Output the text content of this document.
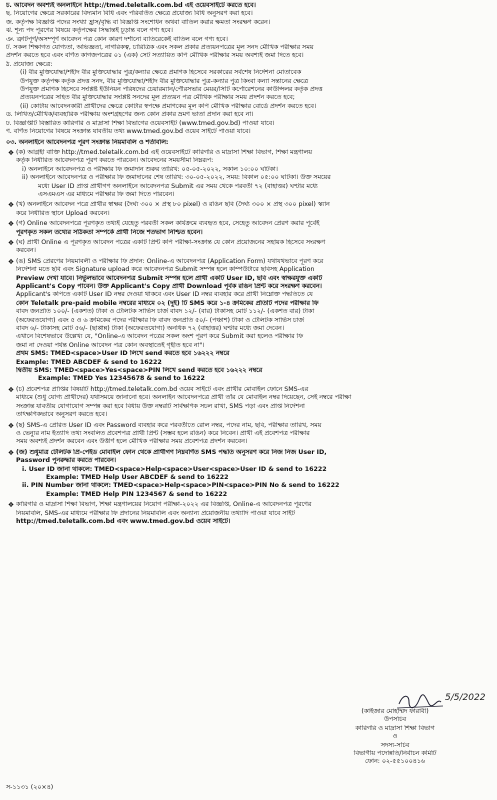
চ. আবেদন অবশ্যই অনলাইনে http://tmed.teletalk.com.bd এই ওয়েবসাইটে করতে হবে।
ছ. নিয়োগের ক্ষেত্রে সরকারের বিদ্যমান বিধি এবং পরিবর্তিত ক্ষেত্রে প্রযোজ্য বিধি অনুসরণ করা হবে।
জ. কর্তৃপক্ষ বিজ্ঞপ্তি পদের সংখ্যা হ্রাস/বৃদ্ধি বা বিজ্ঞপ্তি সংশোধন অথবা বাতিল করার ক্ষমতা সংরক্ষণ করেন।
ঝ. শূন্য পদ পূরণের বিষয়ে কর্তৃপক্ষের সিদ্ধান্তই চূড়ান্ত বলে গণ্য হবে।
ঞ. ত্রুটিপূর্ণ/অসম্পূর্ণ আবেদন পত্র কোন কারণ দর্শানো ব্যতিরেকেই বাতিল বলে গণ্য হবে।
ট. সকল শিক্ষাগত যোগ্যতা, অভিজ্ঞতা, নাগরিকত্ব, চারিত্রিক এবং সকল প্রকার প্রত্যয়নপত্রের মূল সনদ মৌখিক পরীক্ষার সময়
প্রদর্শন করতে হবে এবং বর্ণিত কাগজপত্রের ০১ (এক) সেট সত্যায়িত কপি মৌখিক পরীক্ষার সময় অবশ্যই জমা দিতে হবে।
ঠ. প্রযোজ্য ক্ষেত্রে:
(i) বীর মুক্তিযোদ্ধা/শহীদ বীর মুক্তিযোদ্ধার পুত্র/কন্যার ক্ষেত্রে প্রমাণক হিসেবে সরকারের সর্বশেষ নির্দেশনা মোতাবেক
উপযুক্ত কর্তৃপক্ষ কর্তৃক প্রদত্ত সনদ, বীর মুক্তিযোদ্ধা/শহীদ বীর মুক্তিযোদ্ধার পুত্র-কন্যার পুত্র কিংবা কন্যা সন্তানের ক্ষেত্রে
উপযুক্ত প্রমাণক হিসেবে সংশ্লিষ্ট ইউনিয়ন পরিষদের চেয়ারম্যান/পৌরসভার মেয়র/সিটি কর্পোরেশনের কাউন্সিলর কর্তৃক প্রদত্ত
প্রত্যয়নপত্রের সহিত বীর মুক্তিযোদ্ধার সংশ্লিষ্ট সনদের মূল প্রত্যয়ন পত্র মৌখিক পরীক্ষার সময় প্রদর্শন করতে হবে;
(ii) কোটায় আবেদনকারী প্রার্থীদের ক্ষেত্রে কোটার স্বপক্ষে প্রমাণকের মূল কপি মৌখিক পরীক্ষার বোর্ডে প্রদর্শন করতে হবে।
ড. লিখিত/মৌখিক/ব্যবহারিক পরীক্ষায় অংশগ্রহণের জন্য কোন প্রকার ভ্রমণ ভাতা প্রদান করা হবে না।
ঢ. বিজ্ঞপ্তিটি বিস্তারিত কারিগরি ও মাদ্রাসা শিক্ষা বিভাগের ওয়েবসাইট (www.tmed.gov.bd) পাওয়া যাবে।
ণ. বর্ণিত নিয়োগের বিষয়ে সংক্রান্ত যাবতীয় তথ্য www.tmed.gov.bd ওয়েব সাইটে পাওয়া যাবে।
০৩. অনলাইনে আবেদনপত্র পূরণ সংক্রান্ত নিয়মাবলি ও শর্তাবলি:
❖ (ক) আগ্রহী বাক্তি http://tmed.teletalk.com.bd এই ওয়েবসাইটে কারিগরি ও মাদ্রাসা শিক্ষা বিভাগ, শিক্ষা মন্ত্রণালয়
কর্তৃক নির্ধারিত আবেদনপত্র পূরণ করতে পারবেন। আবেদনের সময়সীমা নিম্নরূপ:
i) অনলাইনে আবেদনপত্র ও পরীক্ষার ফি জমাদান শুরুর তারিখ: ০৫-০৫-২০২২, সকাল ১০:০০ ঘটিকা।
ii) অনলাইনে আবেদনপত্র ও পরীক্ষার ফি জমাদানের শেষ তারিখ: ৩০-০৫-২০২২, সময়: বিকাল ০৫:০০ ঘটিকা। উক্ত সময়ের
মধ্যে User ID প্রাপ্ত প্রার্থীগণ অনলাইনে আবেদনপত্র Submit এর সময় থেকে পরবর্তী ৭২ (বাহাত্তর) ঘণ্টার মধ্যে
এসএমএস এর মাধ্যমে পরীক্ষার ফি জমা দিতে পারবেন।
❖ (খ) অনলাইনে আবেদন পত্রে প্রার্থীর স্বাক্ষর (দৈর্ঘ্য ৩০০ × প্রস্থ ৮০ pixel) ও রঙিন ছবি (দৈর্ঘ্য ৩০০ × প্রস্থ ৩০০ pixel) স্ক্যান
করে নির্ধারিত স্থানে Upload করবেন।
❖ (গ) Online আবেদনপত্রে পূরণকৃত তথ্যই যেহেতু পরবর্তী সকল কার্যক্রমে ব্যবহৃত হবে, সেহেতু আবেদন প্রেরণ করার পূর্বেই
পূরণকৃত সকল তথ্যের সঠিকতা সম্পর্কে প্রার্থী নিজে শতভাগ নিশ্চিত হবেন।
❖ (ঘ) প্রার্থী Online এ পূরণকৃত আবেদন পত্রের একটি প্রিন্ট কপি পরীক্ষা-সংক্রান্ত যে কোন প্রয়োজনের সহায়ক হিসেবে সংরক্ষণ
করবেন।
❖ (ঙ) SMS প্রেরণের নিয়মাবলী ও পরীক্ষার ফি প্রদান: Online-এ আবেদনপত্র (Application Form) যথাযথভাবে পূরণ করে
নির্দেশনা মতে ছবি এবং Signature upload করে আবেদনপত্র Submit সম্পন্ন হলে কম্পিউটারে ছবিসহ Application
Preview দেখা যাবে। নির্ভুলভাবে আবেদনপত্র Submit সম্পন্ন হলে প্রার্থী একটি User ID, ছবি এবং স্বাক্ষরযুক্ত একটি
Applicant's Copy পাবেন। উক্ত Applicant's Copy প্রার্থী Download পূর্বক রঙিন প্রিন্ট করে সংরক্ষণ করবেন।
Applicant's কপিতে একটি User ID নম্বর দেওয়া থাকবে এবং User ID নম্বর ব্যবহার করে প্রার্থী নিম্নোক্ত পদ্ধতিতে যে
কোন Teletalk pre-paid mobile নম্বরের মাধ্যমে ০২ (দুই) টি SMS করে ১-৪ ক্রমিকের প্রতিটি পদের পরীক্ষার ফি
বাবদ জনপ্রতি ১০০/- (একশত) টাকা ও টেলিটক সার্ভিস চার্জ বাবদ ১২/- (বার) টাকাসহ মোট ১১২/- (একশত বার) টাকা
(অফেরতযোগ্য) এবং ৫ ও ৬ ক্রমিকের পদের পরীক্ষার ফি বাবদ জনপ্রতি ৫০/- (পঞ্চাশ) টাকা ও টেলিটক সার্ভিস চার্জ
বাবদ ৬/- টাকাসহ মোট ৫৬/- (ছাপ্পান্ন) টাকা (অফেরতযোগ্য) অনধিক ৭২ (বাহাত্তর) ঘণ্টার মধ্যে জমা দেবেন।
এখানে বিশেষভাবে উল্লেখ্য যে, "Online-এ আবেদন পত্রের সকল অংশ পূরণ করে Submit করা হলেও পরীক্ষার ফি
জমা না দেওয়া পর্যন্ত Online আবেদন পত্র কোন অবস্থাতেই গৃহীত হবে না"।
প্রথম SMS: TMED<space>User ID লিখে send করতে হবে ১৬২২২ নম্বরে
Example: TMED ABCDEF & send to 16222
দ্বিতীয় SMS: TMED<space>Yes<space>PIN লিখে send করতে হবে ১৬২২২ নম্বরে
Example: TMED Yes 12345678 & send to 16222
❖ (চ) প্রবেশপত্র প্রাপ্তির বিষয়টি http://tmed.teletalk.com.bd ওয়েব সাইটে এবং প্রার্থীর মোবাইল ফোনে SMS-এর
মাধ্যমে (শুধু যোগ্য প্রার্থীদের) যথাসময়ে জানানো হবে। অনলাইন আবেদনপত্রে প্রার্থী তাঁর যে মোবাইল নম্বর দিয়েছেন, সেই নম্বরে পরীক্ষা
সংক্রান্ত যাবতীয় যোগাযোগ সম্পন্ন করা হবে বিধায় উক্ত নম্বরটি সার্বক্ষণিক সচল রাখা, SMS পড়া এবং প্রাপ্ত নির্দেশনা
তাৎক্ষণিকভাবে অনুসরণ করতে হবে।
❖ (ছ) SMS-এ প্রেরিত User ID এবং Password ব্যবহার করে পরবর্তীতে রোল নম্বর, পদের নাম, ছবি, পরীক্ষার তারিখ, সময়
ও ভেন্যুর নাম ইত্যাদি তথ্য সংবলিত প্রবেশপত্র প্রার্থী প্রিন্ট (সম্ভব হলে রঙিন) করে নিবেন। প্রার্থী এই প্রবেশপত্র পরীক্ষার
সময় অবশ্যই প্রদর্শন করবেন এবং উত্তীর্ণ হলে মৌখিক পরীক্ষার সময় প্রবেশপত্র প্রদর্শন করবেন।
❖ (জ) শুধুমাত্র টেলিটক প্রি-পেইড মোবাইল ফোন থেকে প্রার্থীগণ নিম্নবর্ণিত SMS পদ্ধতি অনুসরণ করে নিজ নিজ User ID,
Password পুনরুদ্ধার করতে পারবেন।
i. User ID জানা থাকলে: TMED<space>Help<space>User<space>User ID & send to 16222
Example: TMED Help User ABCDEF & send to 16222
ii. PIN Number জানা থাকলে: TMED<space>Help<space>PIN<space>PIN No & send to 16222
Example: TMED Help PIN 1234567 & send to 16222
❖ কারিগরি ও মাদ্রাসা শিক্ষা বিভাগ, শিক্ষা মন্ত্রণালয়ের নিয়োগ পরীক্ষা-২০২২ এর বিজ্ঞপ্তি, Online-এ আবেদনপত্র পূরণের
নিয়মাবলি, SMS-এর মাধ্যমে পরীক্ষার ফি প্রদানের নিয়মাবলি এবং অন্যান্য প্রয়োজনীয় তথ্যাদি পাওয়া যাবে সাইট
http://tmed.teletalk.com.bd এবং www.tmed.gov.bd ওয়েব সাইটে।
5/5/2022
(কাইজার মোহাম্মদ ফারাবী)
উপসচিব
কারিগরি ও মাদ্রাসা শিক্ষা বিভাগ
ও
সদস্য-সচিব
বিভাগীয় পদোন্নতি/নির্বাচন কমিটি
ফোন: ০২-৫৫১০০৪১৬
স-১১৩১ (২০×৪)
